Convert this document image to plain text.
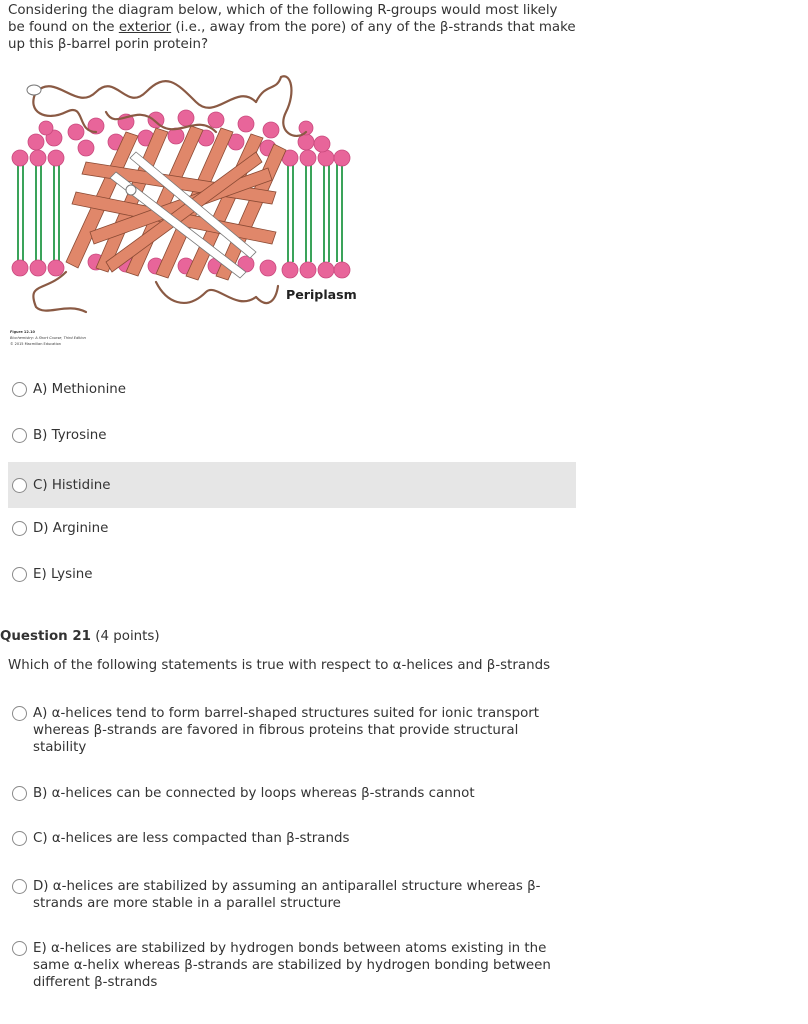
Considering the diagram below, which of the following R-groups would most likely be found on the exterior (i.e., away from the pore) of any of the β-strands that make up this β-barrel porin protein?
Periplasm
Figure 12.10
Biochemistry: A Short Course, Third Edition
© 2015 Macmillan Education
A) Methionine
B) Tyrosine
C) Histidine
D) Arginine
E) Lysine
Question 21 (4 points)
Which of the following statements is true with respect to α-helices and β-strands
A) α-helices tend to form barrel-shaped structures suited for ionic transport whereas β-strands are favored in fibrous proteins that provide structural stability
B) α-helices can be connected by loops whereas β-strands cannot
C) α-helices are less compacted than β-strands
D) α-helices are stabilized by assuming an antiparallel structure whereas β-strands are more stable in a parallel structure
E) α-helices are stabilized by hydrogen bonds between atoms existing in the same α-helix whereas β-strands are stabilized by hydrogen bonding between different β-strands
